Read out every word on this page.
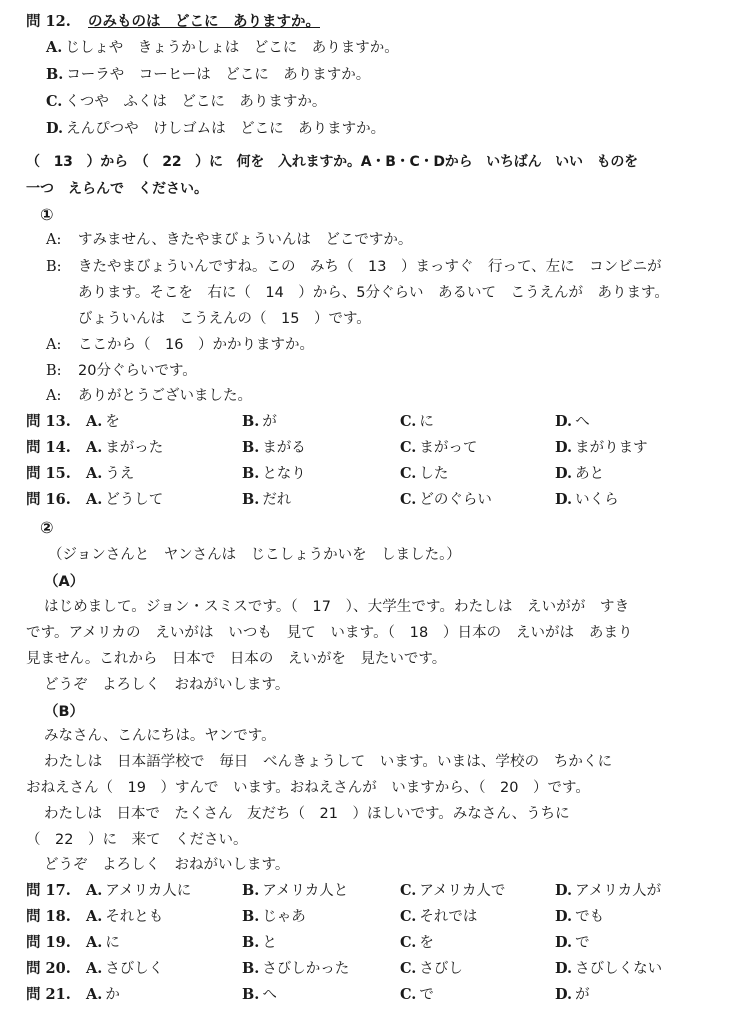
問 12. のみものは　どこに　ありますか。
A. じしょや　きょうかしょは　どこに　ありますか。
B. コーラや　コーヒーは　どこに　ありますか。
C. くつや　ふくは　どこに　ありますか。
D. えんぴつや　けしゴムは　どこに　ありますか。
（　13　）から　（　22　）に　何を　入れますか。A・B・C・Dから　いちばん　いい　ものを
一つ　えらんで　ください。
①
A: すみません、きたやまびょういんは　どこですか。
B: きたやまびょういんですね。この　みち（　13　）まっすぐ　行って、左に　コンビニが
あります。そこを　右に（　14　）から、5分ぐらい　あるいて　こうえんが　あります。
びょういんは　こうえんの（　15　）です。
A: ここから（　16　）かかりますか。
B: 20分ぐらいです。
A: ありがとうございました。
問 13. A. を	B. が	C. に	D. へ
問 14. A. まがった	B. まがる	C. まがって	D. まがります
問 15. A. うえ	B. となり	C. した	D. あと
問 16. A. どうして	B. だれ	C. どのぐらい	D. いくら
②
（ジョンさんと　ヤンさんは　じこしょうかいを　しました。）
（A）
はじめまして。ジョン・スミスです。（　17　）、大学生です。わたしは　えいがが　すき
です。アメリカの　えいがは　いつも　見て　います。（　18　）日本の　えいがは　あまり
見ません。これから　日本で　日本の　えいがを　見たいです。
どうぞ　よろしく　おねがいします。
（B）
みなさん、こんにちは。ヤンです。
わたしは　日本語学校で　毎日　べんきょうして　います。いまは、学校の　ちかくに
おねえさん（　19　）すんで　います。おねえさんが　いますから、（　20　）です。
わたしは　日本で　たくさん　友だち（　21　）ほしいです。みなさん、うちに
（　22　）に　来て　ください。
どうぞ　よろしく　おねがいします。
問 17. A. アメリカ人に	B. アメリカ人と	C. アメリカ人で	D. アメリカ人が
問 18. A. それとも	B. じゃあ	C. それでは	D. でも
問 19. A. に	B. と	C. を	D. で
問 20. A. さびしく	B. さびしかった	C. さびし	D. さびしくない
問 21. A. か	B. へ	C. で	D. が
